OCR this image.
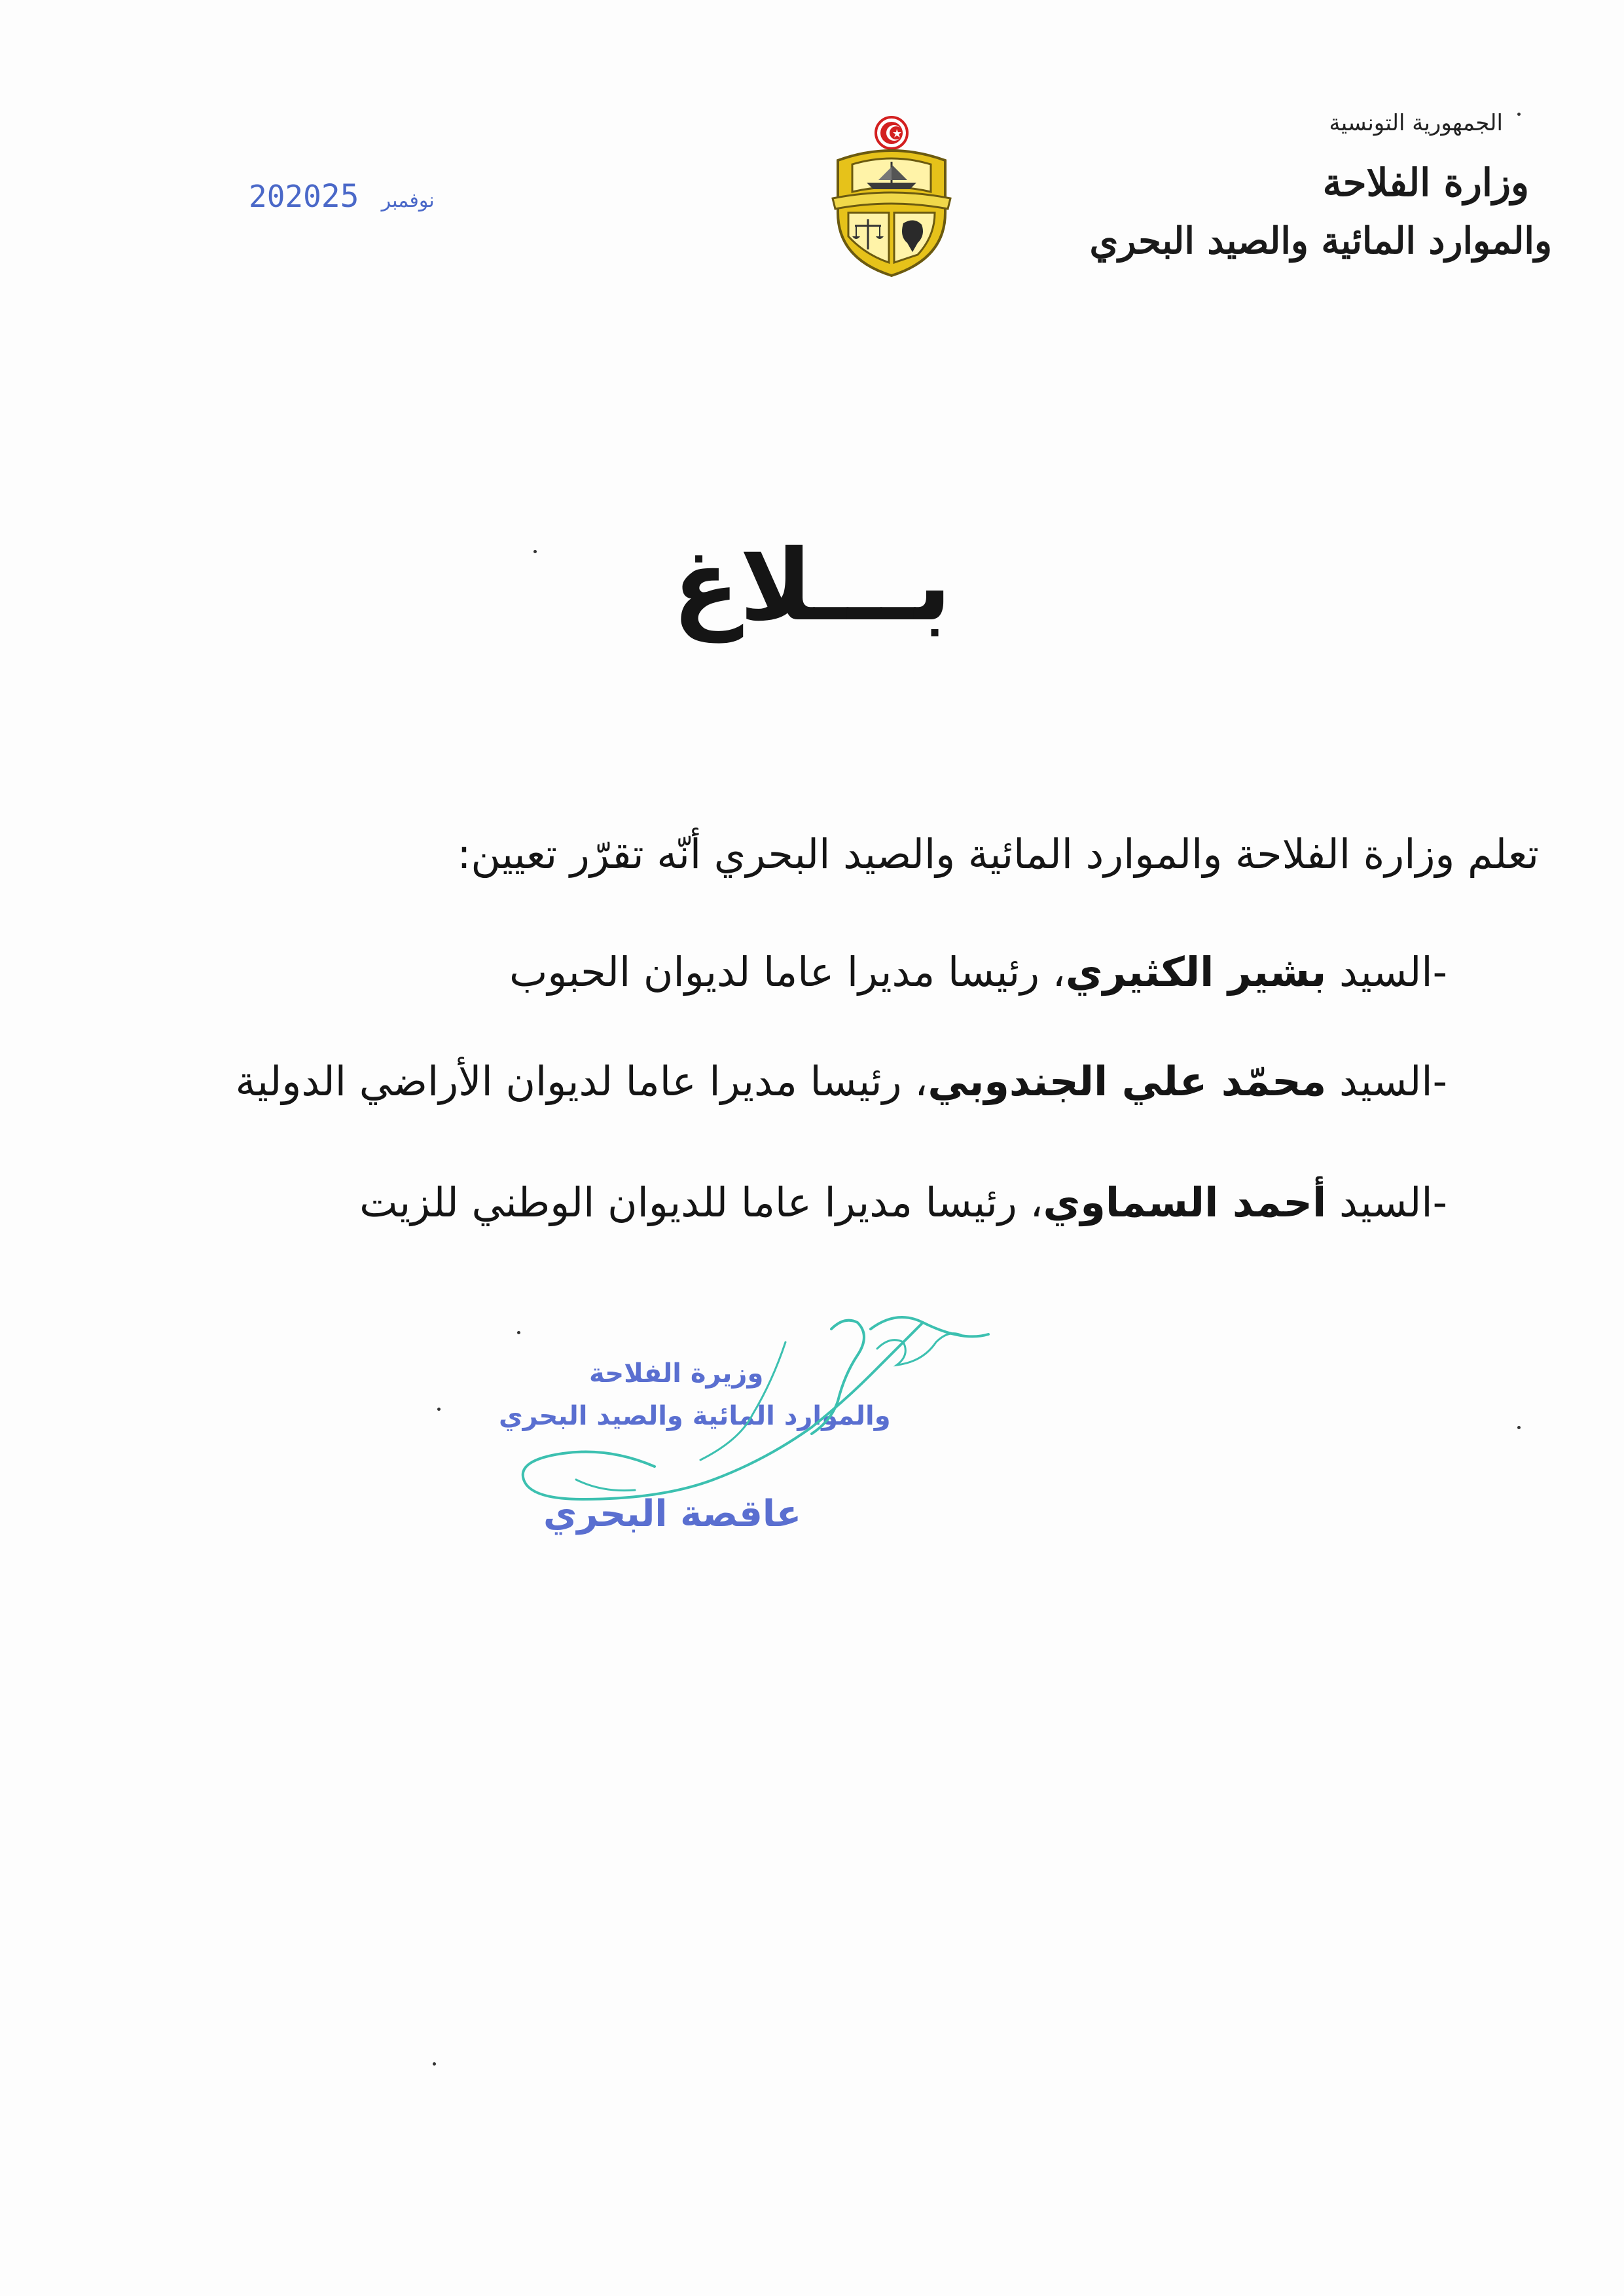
الجمهورية التونسية
وزارة الفلاحة
والموارد المائية والصيد البحري
2020	نوفمبر25
بـــلاغ
تعلم وزارة الفلاحة والموارد المائية والصيد البحري أنّه تقرّر تعيين:
-السيد بشير الكثيري، رئيسا مديرا عاما لديوان الحبوب
-السيد محمّد علي الجندوبي، رئيسا مديرا عاما لديوان الأراضي الدولية
-السيد أحمد السماوي، رئيسا مديرا عاما للديوان الوطني للزيت
وزيرة الفلاحة
والموارد المائية والصيد البحري
عاقصة البحري
